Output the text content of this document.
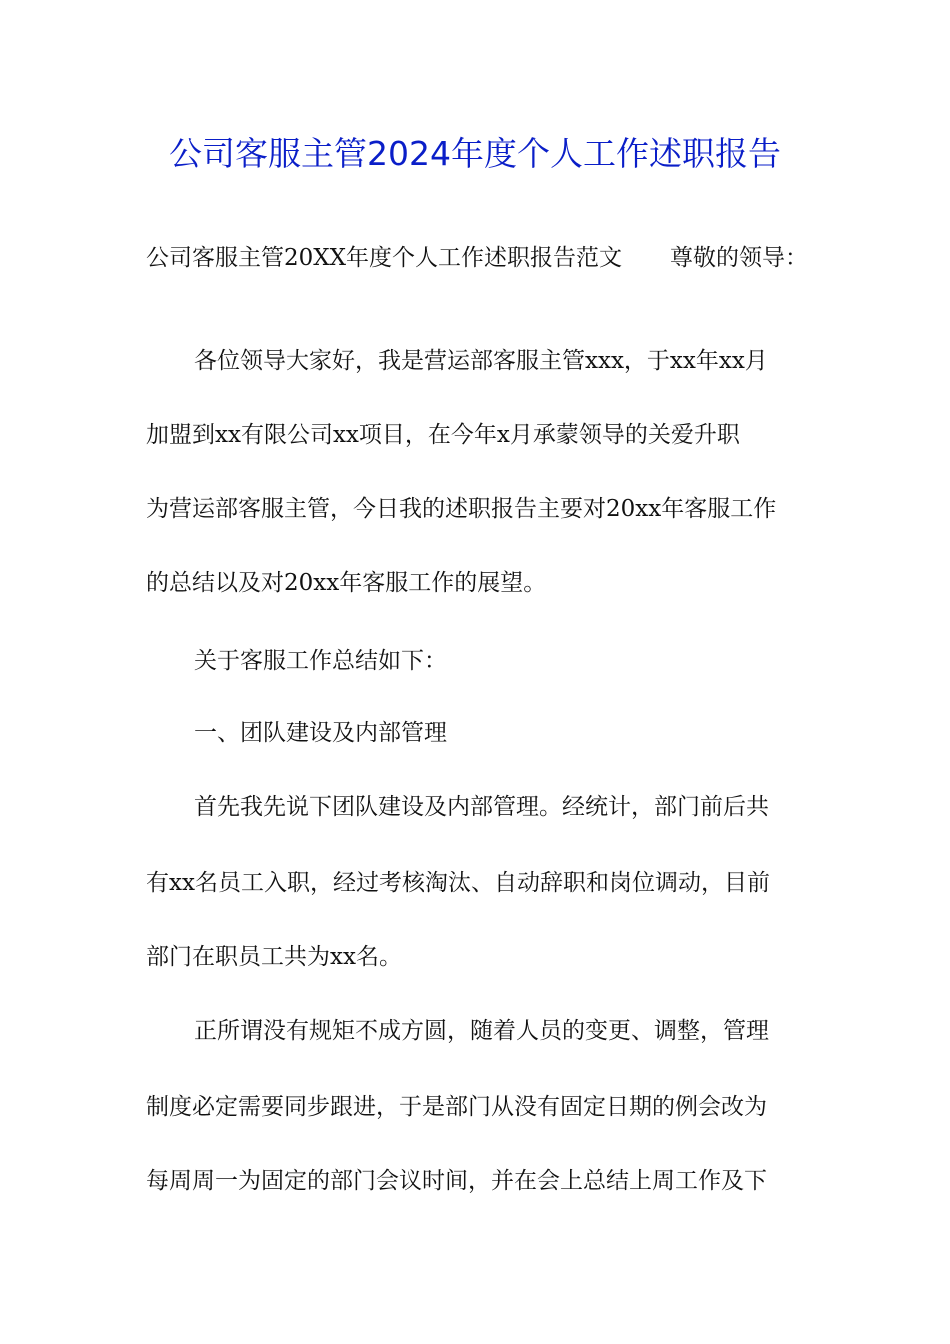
公司客服主管2024年度个人工作述职报告
公司客服主管20XX年度个人工作述职报告范文 尊敬的领导：
各位领导大家好，我是营运部客服主管xxx，于xx年xx月
加盟到xx有限公司xx项目，在今年x月承蒙领导的关爱升职
为营运部客服主管，今日我的述职报告主要对20xx年客服工作
的总结以及对20xx年客服工作的展望。
关于客服工作总结如下：
一、团队建设及内部管理
首先我先说下团队建设及内部管理。经统计，部门前后共
有xx名员工入职，经过考核淘汰、自动辞职和岗位调动，目前
部门在职员工共为xx名。
正所谓没有规矩不成方圆，随着人员的变更、调整，管理
制度必定需要同步跟进，于是部门从没有固定日期的例会改为
每周周一为固定的部门会议时间，并在会上总结上周工作及下
